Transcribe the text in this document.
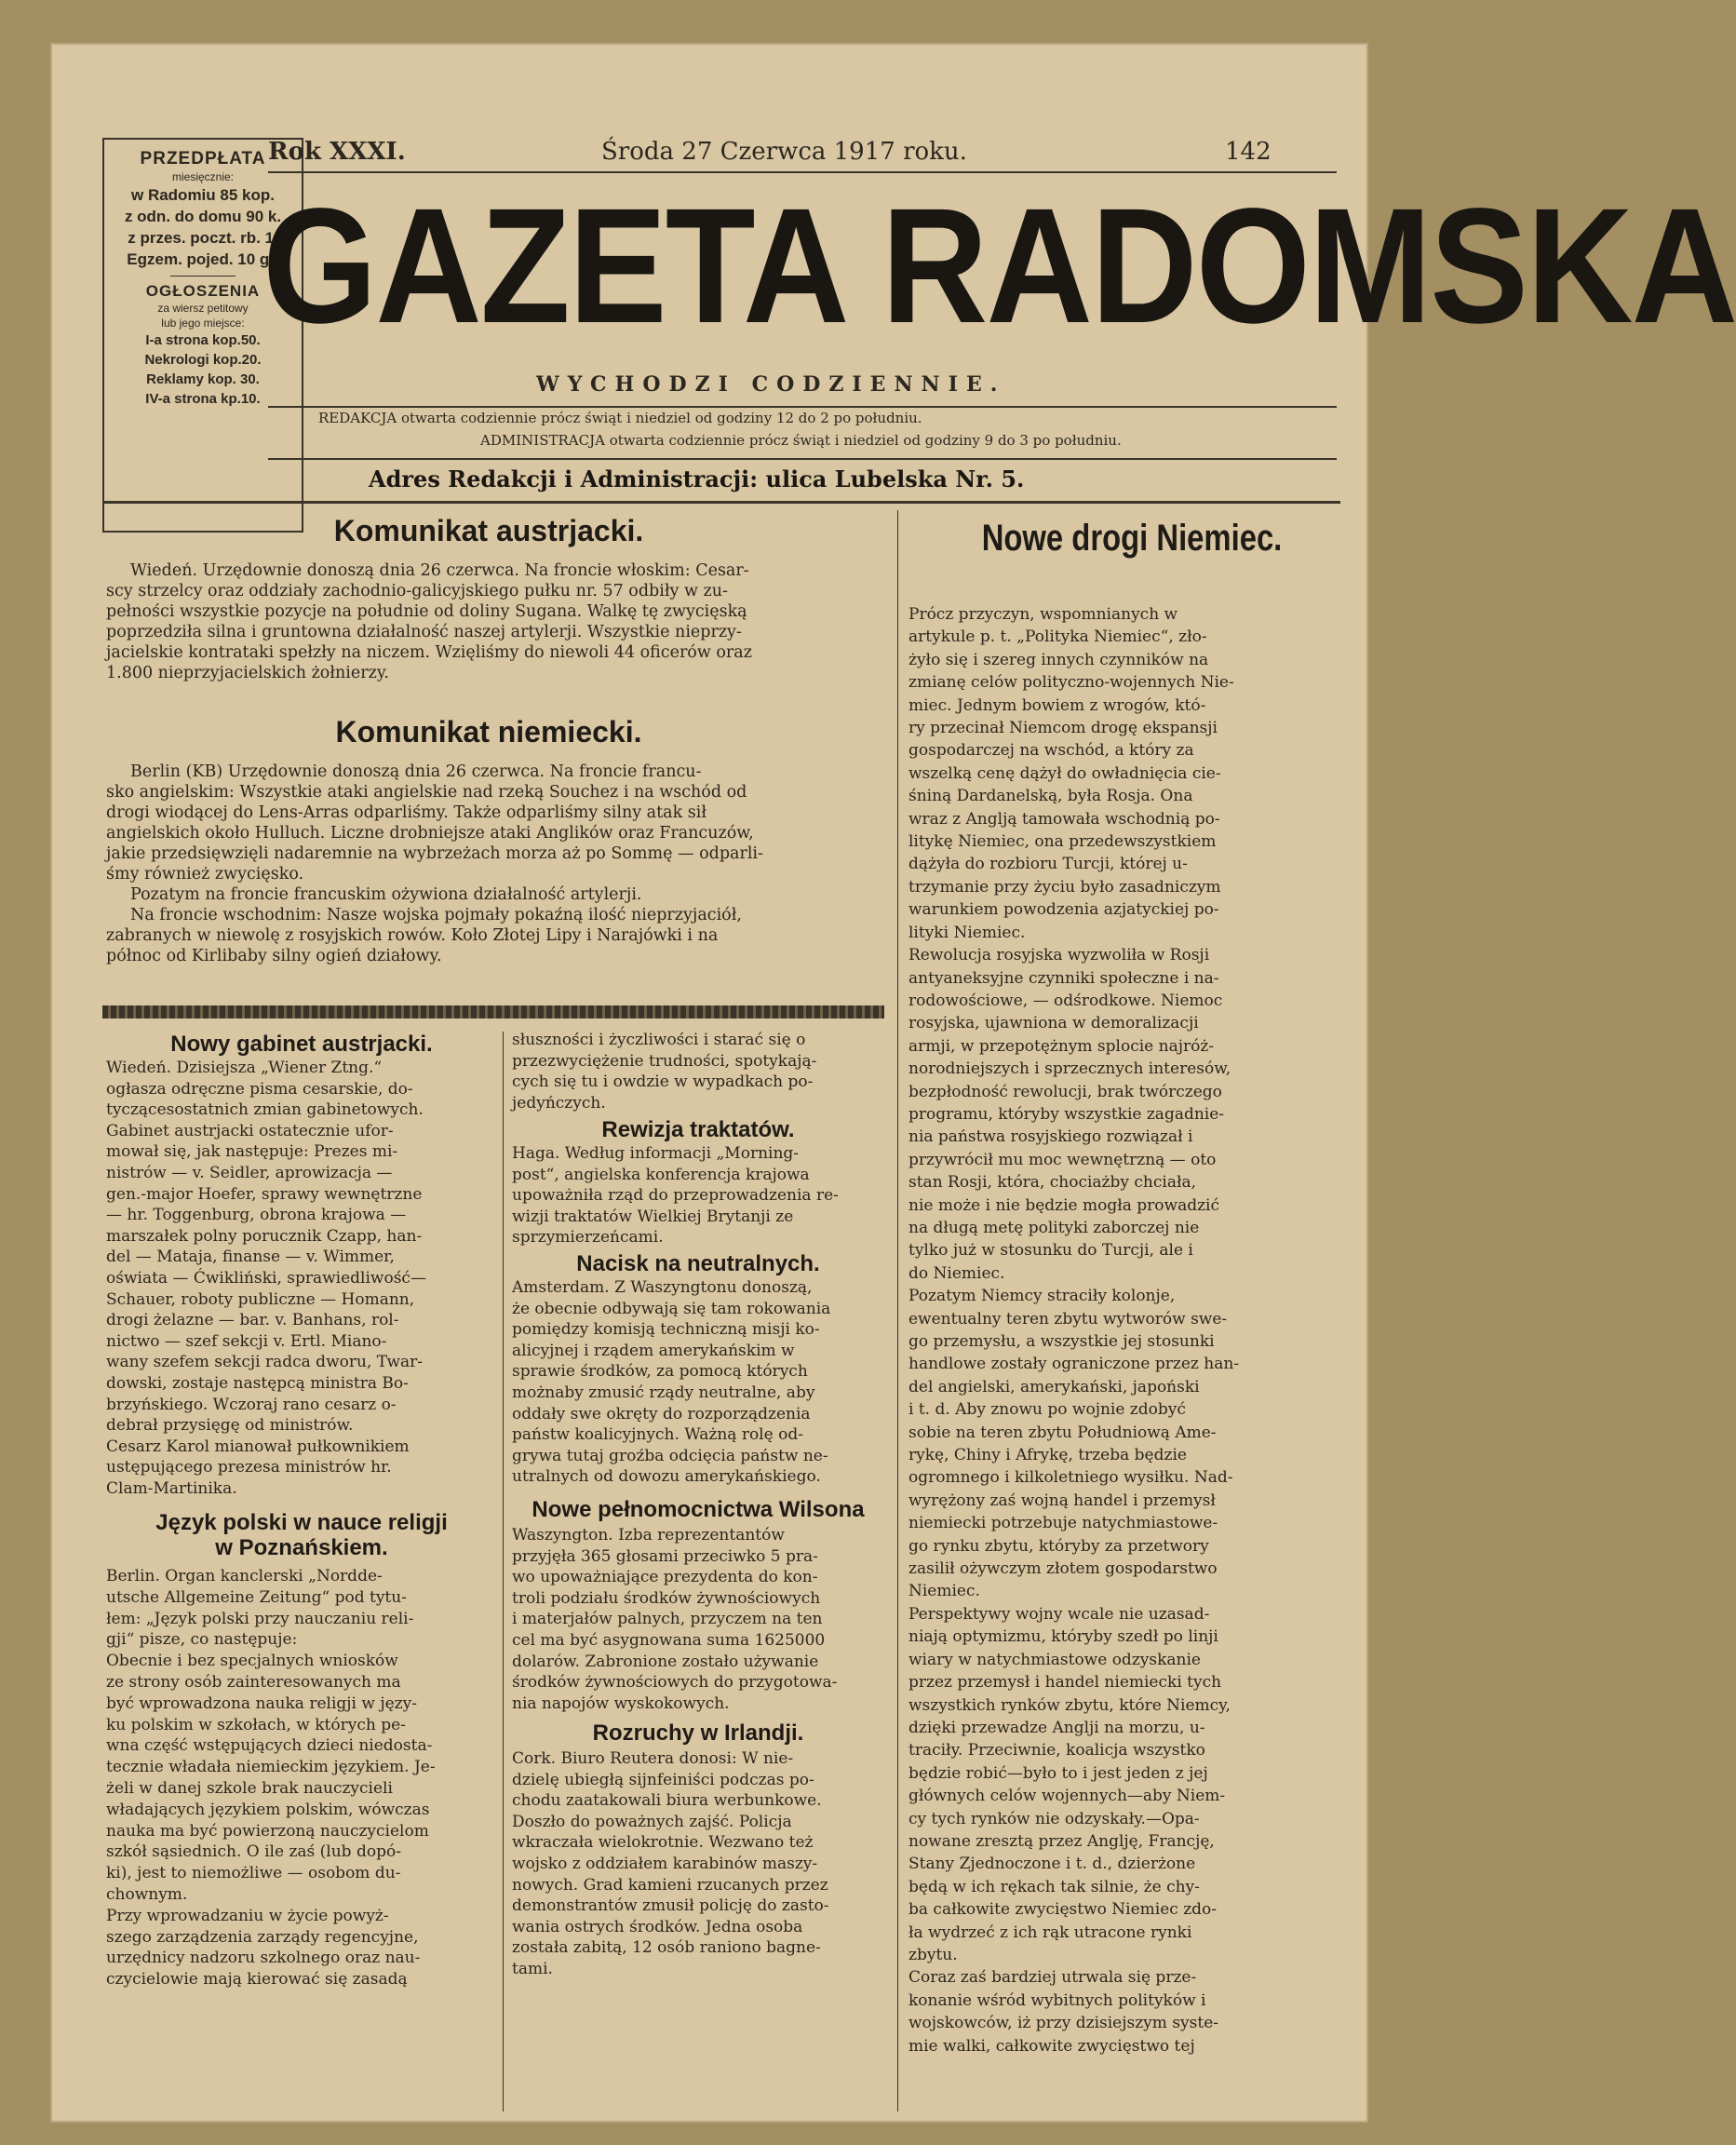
PRZEDPŁATA
miesięcznie:
w Radomiu 85 kop.
z odn. do domu 90 k.
z przes. poczt. rb. 1.
Egzem. pojed. 10 gr.
OGŁOSZENIA
za wiersz petitowy
lub jego miejsce:
I-a strona kop.50.
Nekrologi kop.20.
Reklamy kop. 30.
IV-a strona kp.10.
Rok XXXI.	Środa 27 Czerwca 1917 roku.	142
GAZETA RADOMSKA
WYCHODZI CODZIENNIE.
REDAKCJA otwarta codziennie prócz świąt i niedziel od godziny 12 do 2 po południu.
ADMINISTRACJA otwarta codziennie prócz świąt i niedziel od godziny 9 do 3 po południu.
Adres Redakcji i Administracji: ulica Lubelska Nr. 5.
Komunikat austrjacki.
Wiedeń. Urzędownie donoszą dnia 26 czerwca. Na froncie włoskim: Cesar-
scy strzelcy oraz oddziały zachodnio-galicyjskiego pułku nr. 57 odbiły w zu-
pełności wszystkie pozycje na południe od doliny Sugana. Walkę tę zwycięską
poprzedziła silna i gruntowna działalność naszej artylerji. Wszystkie nieprzy-
jacielskie kontrataki spełzły na niczem. Wzięliśmy do niewoli 44 oficerów oraz
1.800 nieprzyjacielskich żołnierzy.
Komunikat niemiecki.
Berlin (KB) Urzędownie donoszą dnia 26 czerwca. Na froncie francu-
sko angielskim: Wszystkie ataki angielskie nad rzeką Souchez i na wschód od
drogi wiodącej do Lens-Arras odparliśmy. Także odparliśmy silny atak sił
angielskich około Hulluch. Liczne drobniejsze ataki Anglików oraz Francuzów,
jakie przedsięwzięli nadaremnie na wybrzeżach morza aż po Sommę — odparli-
śmy również zwycięsko.
Pozatym na froncie francuskim ożywiona działalność artylerji.
Na froncie wschodnim: Nasze wojska pojmały pokaźną ilość nieprzyjaciół,
zabranych w niewolę z rosyjskich rowów. Koło Złotej Lipy i Narajówki i na
północ od Kirlibaby silny ogień działowy.
Nowe drogi Niemiec.
Prócz przyczyn, wspomnianych w
artykule p. t. „Polityka Niemiec“, zło-
żyło się i szereg innych czynników na
zmianę celów polityczno-wojennych Nie-
miec. Jednym bowiem z wrogów, któ-
ry przecinał Niemcom drogę ekspansji
gospodarczej na wschód, a który za
wszelką cenę dążył do owładnięcia cie-
śniną Dardanelską, była Rosja. Ona
wraz z Anglją tamowała wschodnią po-
litykę Niemiec, ona przedewszystkiem
dążyła do rozbioru Turcji, której u-
trzymanie przy życiu było zasadniczym
warunkiem powodzenia azjatyckiej po-
lityki Niemiec.
Rewolucja rosyjska wyzwoliła w Rosji
antyaneksyjne czynniki społeczne i na-
rodowościowe, — odśrodkowe. Niemoc
rosyjska, ujawniona w demoralizacji
armji, w przepotężnym splocie najróż-
norodniejszych i sprzecznych interesów,
bezpłodność rewolucji, brak twórczego
programu, któryby wszystkie zagadnie-
nia państwa rosyjskiego rozwiązał i
przywrócił mu moc wewnętrzną — oto
stan Rosji, która, chociażby chciała,
nie może i nie będzie mogła prowadzić
na długą metę polityki zaborczej nie
tylko już w stosunku do Turcji, ale i
do Niemiec.
Pozatym Niemcy straciły kolonje,
ewentualny teren zbytu wytworów swe-
go przemysłu, a wszystkie jej stosunki
handlowe zostały ograniczone przez han-
del angielski, amerykański, japoński
i t. d. Aby znowu po wojnie zdobyć
sobie na teren zbytu Południową Ame-
rykę, Chiny i Afrykę, trzeba będzie
ogromnego i kilkoletniego wysiłku. Nad-
wyrężony zaś wojną handel i przemysł
niemiecki potrzebuje natychmiastowe-
go rynku zbytu, któryby za przetwory
zasilił ożywczym złotem gospodarstwo
Niemiec.
Perspektywy wojny wcale nie uzasad-
niają optymizmu, któryby szedł po linji
wiary w natychmiastowe odzyskanie
przez przemysł i handel niemiecki tych
wszystkich rynków zbytu, które Niemcy,
dzięki przewadze Anglji na morzu, u-
traciły. Przeciwnie, koalicja wszystko
będzie robić—było to i jest jeden z jej
głównych celów wojennych—aby Niem-
cy tych rynków nie odzyskały.—Opa-
nowane zresztą przez Anglję, Francję,
Stany Zjednoczone i t. d., dzierżone
będą w ich rękach tak silnie, że chy-
ba całkowite zwycięstwo Niemiec zdo-
ła wydrzeć z ich rąk utracone rynki
zbytu.
Coraz zaś bardziej utrwala się prze-
konanie wśród wybitnych polityków i
wojskowców, iż przy dzisiejszym syste-
mie walki, całkowite zwycięstwo tej
Nowy gabinet austrjacki.
Wiedeń. Dzisiejsza „Wiener Ztng.“
ogłasza odręczne pisma cesarskie, do-
tyczącesostatnich zmian gabinetowych.
Gabinet austrjacki ostatecznie ufor-
mował się, jak następuje: Prezes mi-
nistrów — v. Seidler, aprowizacja —
gen.-major Hoefer, sprawy wewnętrzne
— hr. Toggenburg, obrona krajowa —
marszałek polny porucznik Czapp, han-
del — Mataja, finanse — v. Wimmer,
oświata — Ćwikliński, sprawiedliwość—
Schauer, roboty publiczne — Homann,
drogi żelazne — bar. v. Banhans, rol-
nictwo — szef sekcji v. Ertl. Miano-
wany szefem sekcji radca dworu, Twar-
dowski, zostaje następcą ministra Bo-
brzyńskiego. Wczoraj rano cesarz o-
debrał przysięgę od ministrów.
Cesarz Karol mianował pułkownikiem
ustępującego prezesa ministrów hr.
Clam-Martinika.
Język polski w nauce religji
w Poznańskiem.
Berlin. Organ kanclerski „Nordde-
utsche Allgemeine Zeitung“ pod tytu-
łem: „Język polski przy nauczaniu reli-
gji“ pisze, co następuje:
Obecnie i bez specjalnych wniosków
ze strony osób zainteresowanych ma
być wprowadzona nauka religji w języ-
ku polskim w szkołach, w których pe-
wna część wstępujących dzieci niedosta-
tecznie władała niemieckim językiem. Je-
żeli w danej szkole brak nauczycieli
władających językiem polskim, wówczas
nauka ma być powierzoną nauczycielom
szkół sąsiednich. O ile zaś (lub dopó-
ki), jest to niemożliwe — osobom du-
chownym.
Przy wprowadzaniu w życie powyż-
szego zarządzenia zarządy regencyjne,
urzędnicy nadzoru szkolnego oraz nau-
czycielowie mają kierować się zasadą
słuszności i życzliwości i starać się o
przezwyciężenie trudności, spotykają-
cych się tu i owdzie w wypadkach po-
jedyńczych.
Rewizja traktatów.
Haga. Według informacji „Morning-
post“, angielska konferencja krajowa
upoważniła rząd do przeprowadzenia re-
wizji traktatów Wielkiej Brytanji ze
sprzymierzeńcami.
Nacisk na neutralnych.
Amsterdam. Z Waszyngtonu donoszą,
że obecnie odbywają się tam rokowania
pomiędzy komisją techniczną misji ko-
alicyjnej i rządem amerykańskim w
sprawie środków, za pomocą których
możnaby zmusić rządy neutralne, aby
oddały swe okręty do rozporządzenia
państw koalicyjnych. Ważną rolę od-
grywa tutaj groźba odcięcia państw ne-
utralnych od dowozu amerykańskiego.
Nowe pełnomocnictwa Wilsona
Waszyngton. Izba reprezentantów
przyjęła 365 głosami przeciwko 5 pra-
wo upoważniające prezydenta do kon-
troli podziału środków żywnościowych
i materjałów palnych, przyczem na ten
cel ma być asygnowana suma 1625000
dolarów. Zabronione zostało używanie
środków żywnościowych do przygotowa-
nia napojów wyskokowych.
Rozruchy w Irlandji.
Cork. Biuro Reutera donosi: W nie-
dzielę ubiegłą sijnfeiniści podczas po-
chodu zaatakowali biura werbunkowe.
Doszło do poważnych zajść. Policja
wkraczała wielokrotnie. Wezwano też
wojsko z oddziałem karabinów maszy-
nowych. Grad kamieni rzucanych przez
demonstrantów zmusił policję do zasto-
wania ostrych środków. Jedna osoba
została zabitą, 12 osób raniono bagne-
tami.
